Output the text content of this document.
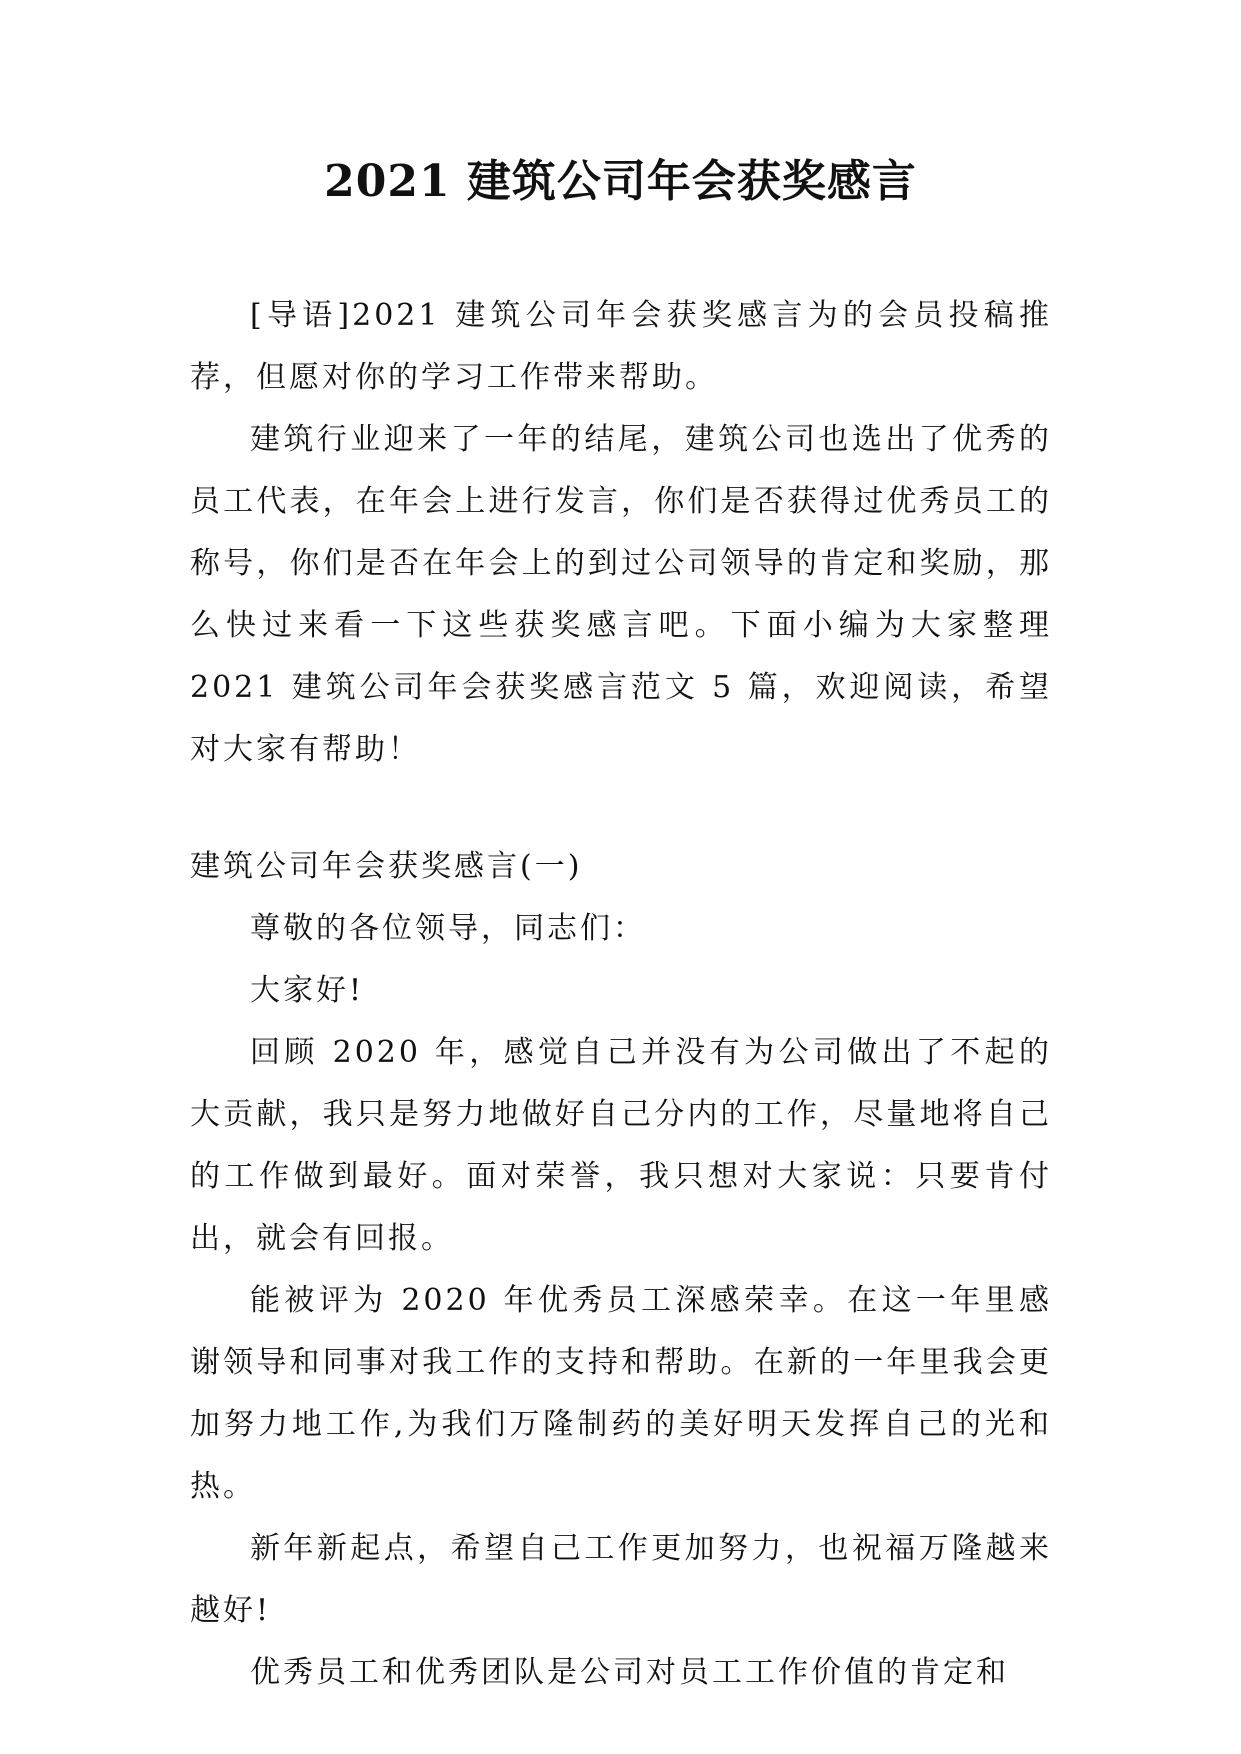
2021 建筑公司年会获奖感言

[导语]2021 建筑公司年会获奖感言为的会员投稿推荐，但愿对你的学习工作带来帮助。

建筑行业迎来了一年的结尾，建筑公司也选出了优秀的员工代表，在年会上进行发言，你们是否获得过优秀员工的称号，你们是否在年会上的到过公司领导的肯定和奖励，那么快过来看一下这些获奖感言吧。下面小编为大家整理 2021 建筑公司年会获奖感言范文 5 篇，欢迎阅读，希望对大家有帮助！

建筑公司年会获奖感言(一)

尊敬的各位领导，同志们：

大家好!

回顾 2020 年，感觉自己并没有为公司做出了不起的大贡献，我只是努力地做好自己分内的工作，尽量地将自己的工作做到最好。面对荣誉，我只想对大家说：只要肯付出，就会有回报。

能被评为 2020 年优秀员工深感荣幸。在这一年里感谢领导和同事对我工作的支持和帮助。在新的一年里我会更加努力地工作,为我们万隆制药的美好明天发挥自己的光和热。

新年新起点，希望自己工作更加努力，也祝福万隆越来越好!

优秀员工和优秀团队是公司对员工工作价值的肯定和
